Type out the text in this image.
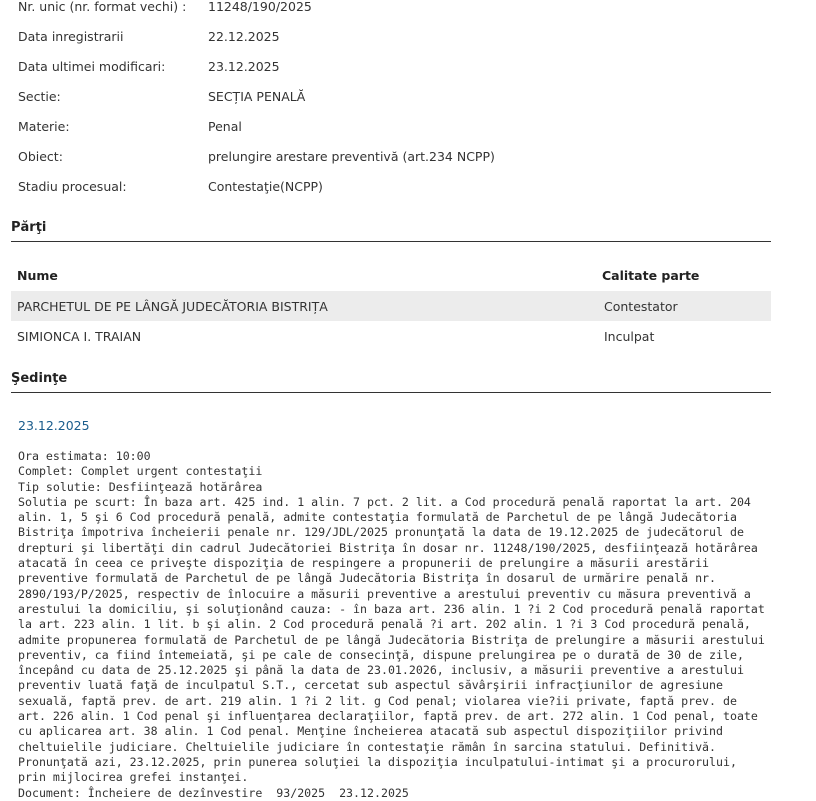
Nr. unic (nr. format vechi) : 11248/190/2025
Data inregistrarii	22.12.2025
Data ultimei modificari:	23.12.2025
Sectie:	SECȚIA PENALĂ
Materie:	Penal
Obiect:	prelungire arestare preventivă (art.234 NCPP)
Stadiu procesual:	Contestaţie(NCPP)
Părţi
Nume	Calitate parte
PARCHETUL DE PE LÂNGĂ JUDECĂTORIA BISTRIȚA	Contestator
SIMIONCA I. TRAIAN	Inculpat
Şedinţe
23.12.2025
Ora estimata: 10:00
Complet: Complet urgent contestaţii
Tip solutie: Desfiinţează hotărârea
Solutia pe scurt: În baza art. 425 ind. 1 alin. 7 pct. 2 lit. a Cod procedură penală raportat la art. 204 alin. 1, 5 şi 6 Cod procedură penală, admite contestaţia formulată de Parchetul de pe lângă Judecătoria Bistriţa împotriva încheierii penale nr. 129/JDL/2025 pronunţată la data de 19.12.2025 de judecătorul de drepturi şi libertăţi din cadrul Judecătoriei Bistriţa în dosar nr. 11248/190/2025, desfiinţează hotărârea atacată în ceea ce priveşte dispoziţia de respingere a propunerii de prelungire a măsurii arestării preventive formulată de Parchetul de pe lângă Judecătoria Bistriţa în dosarul de urmărire penală nr. 2890/193/P/2025, respectiv de înlocuire a măsurii preventive a arestului preventiv cu măsura preventivă a arestului la domiciliu, şi soluţionând cauza: - în baza art. 236 alin. 1 ?i 2 Cod procedură penală raportat la art. 223 alin. 1 lit. b şi alin. 2 Cod procedură penală ?i art. 202 alin. 1 ?i 3 Cod procedură penală, admite propunerea formulată de Parchetul de pe lângă Judecătoria Bistriţa de prelungire a măsurii arestului preventiv, ca fiind întemeiată, şi pe cale de consecinţă, dispune prelungirea pe o durată de 30 de zile, începând cu data de 25.12.2025 şi până la data de 23.01.2026, inclusiv, a măsurii preventive a arestului preventiv luată faţă de inculpatul S.T., cercetat sub aspectul săvârşirii infracţiunilor de agresiune sexuală, faptă prev. de art. 219 alin. 1 ?i 2 lit. g Cod penal; violarea vie?ii private, faptă prev. de art. 226 alin. 1 Cod penal şi influenţarea declaraţiilor, faptă prev. de art. 272 alin. 1 Cod penal, toate cu aplicarea art. 38 alin. 1 Cod penal. Menţine încheierea atacată sub aspectul dispoziţiilor privind cheltuielile judiciare. Cheltuielile judiciare în contestaţie rămân în sarcina statului. Definitivă. Pronunţată azi, 23.12.2025, prin punerea soluţiei la dispoziţia inculpatului-intimat şi a procurorului, prin mijlocirea grefei instanţei.
Document: Încheiere de dezînvestire  93/2025  23.12.2025
